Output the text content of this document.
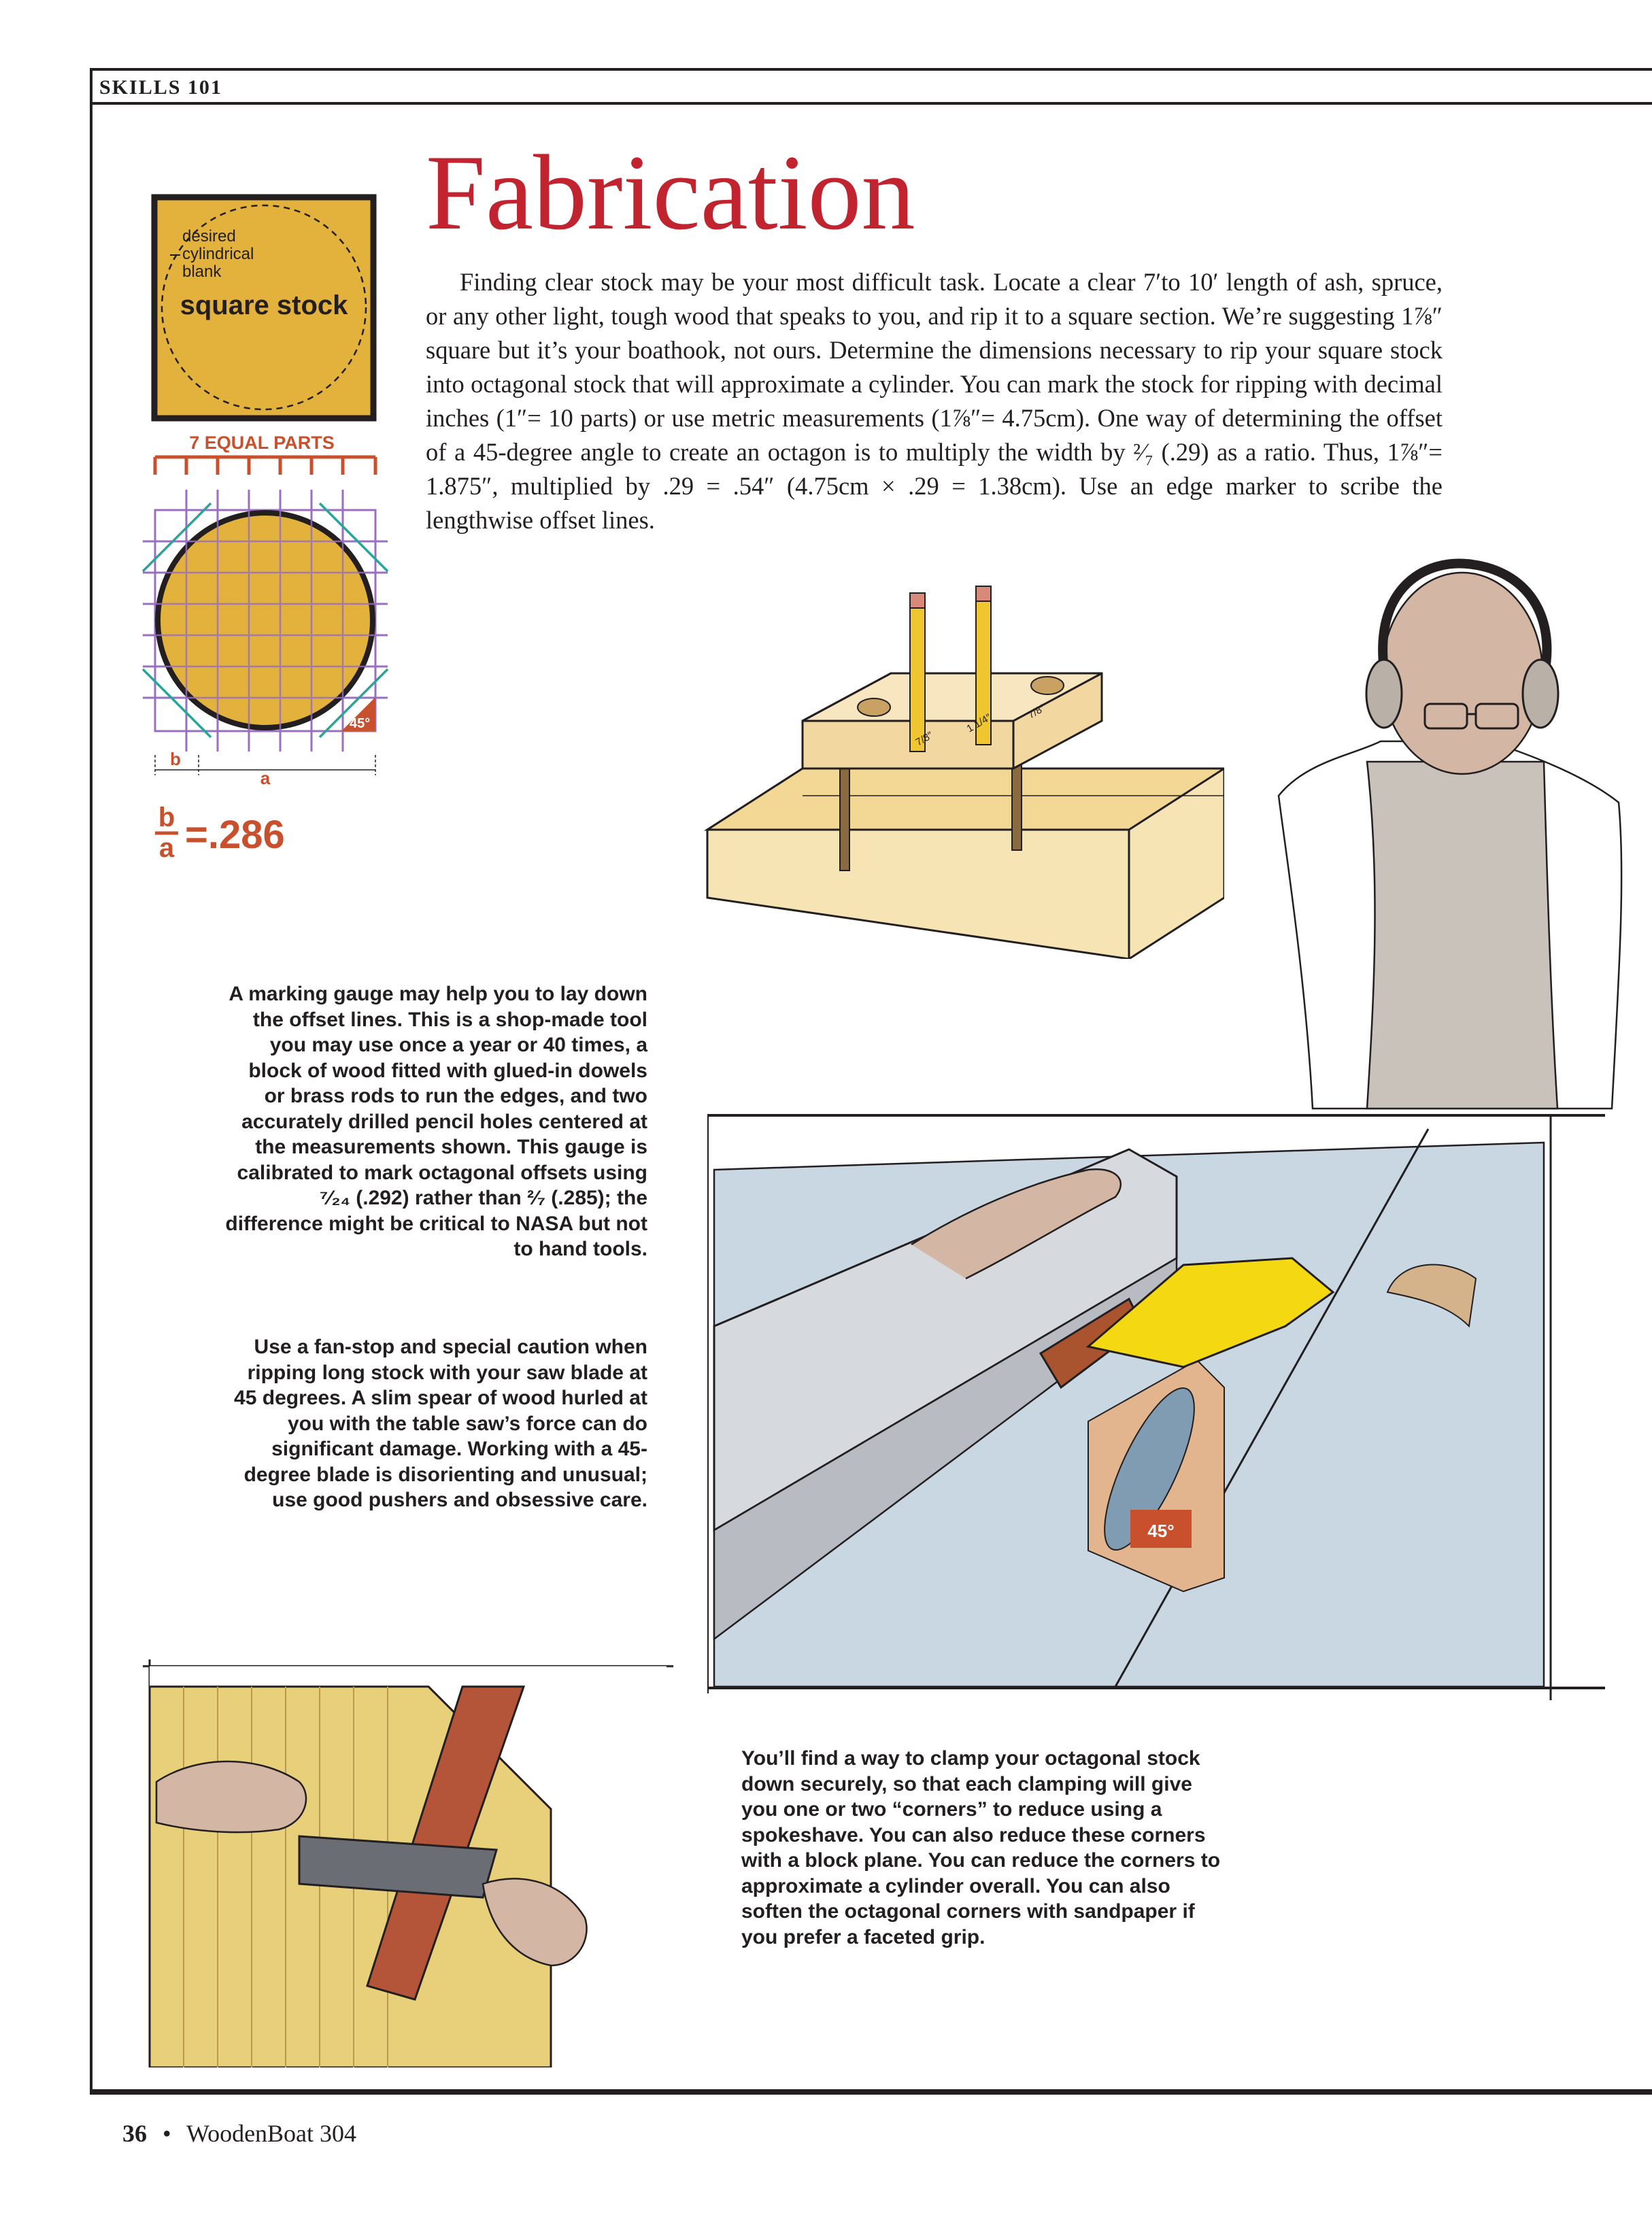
SKILLS 101
Fabrication
Finding clear stock may be your most difficult task. Locate a clear 7′to 10′ length of ash, spruce, or any other light, tough wood that speaks to you, and rip it to a square section. We’re suggesting 1⅞″ square but it’s your boathook, not ours. Determine the dimensions necessary to rip your square stock into octagonal stock that will approximate a cylinder. You can mark the stock for ripping with decimal inches (1″= 10 parts) or use metric measurements (1⅞″= 4.75cm). One way of determining the offset of a 45-degree angle to create an octagon is to multiply the width by ²⁄₇ (.29) as a ratio. Thus, 1⅞″= 1.875″, multiplied by .29 = .54″ (4.75cm × .29 = 1.38cm). Use an edge marker to scribe the lengthwise offset lines.
desired
cylindrical
blank
square stock
7 EQUAL PARTS
45°
b
a
b
a =.286
7/8″
1 1/4″	7/8″
45°
A marking gauge may help you to lay down the offset lines. This is a shop-made tool you may use once a year or 40 times, a block of wood fitted with glued-in dowels or brass rods to run the edges, and two accurately drilled pencil holes centered at the measurements shown. This gauge is calibrated to mark octagonal offsets using ⁷⁄₂₄ (.292) rather than ²⁄₇ (.285); the difference might be critical to NASA but not to hand tools.
Use a fan-stop and special caution when ripping long stock with your saw blade at 45 degrees. A slim spear of wood hurled at you with the table saw’s force can do significant damage. Working with a 45-degree blade is disorienting and unusual; use good pushers and obsessive care.
You’ll find a way to clamp your octagonal stock down securely, so that each clamping will give you one or two “corners” to reduce using a spokeshave. You can also reduce these corners with a block plane. You can reduce the corners to approximate a cylinder overall. You can also soften the octagonal corners with sandpaper if you prefer a faceted grip.
36 • WoodenBoat 304
